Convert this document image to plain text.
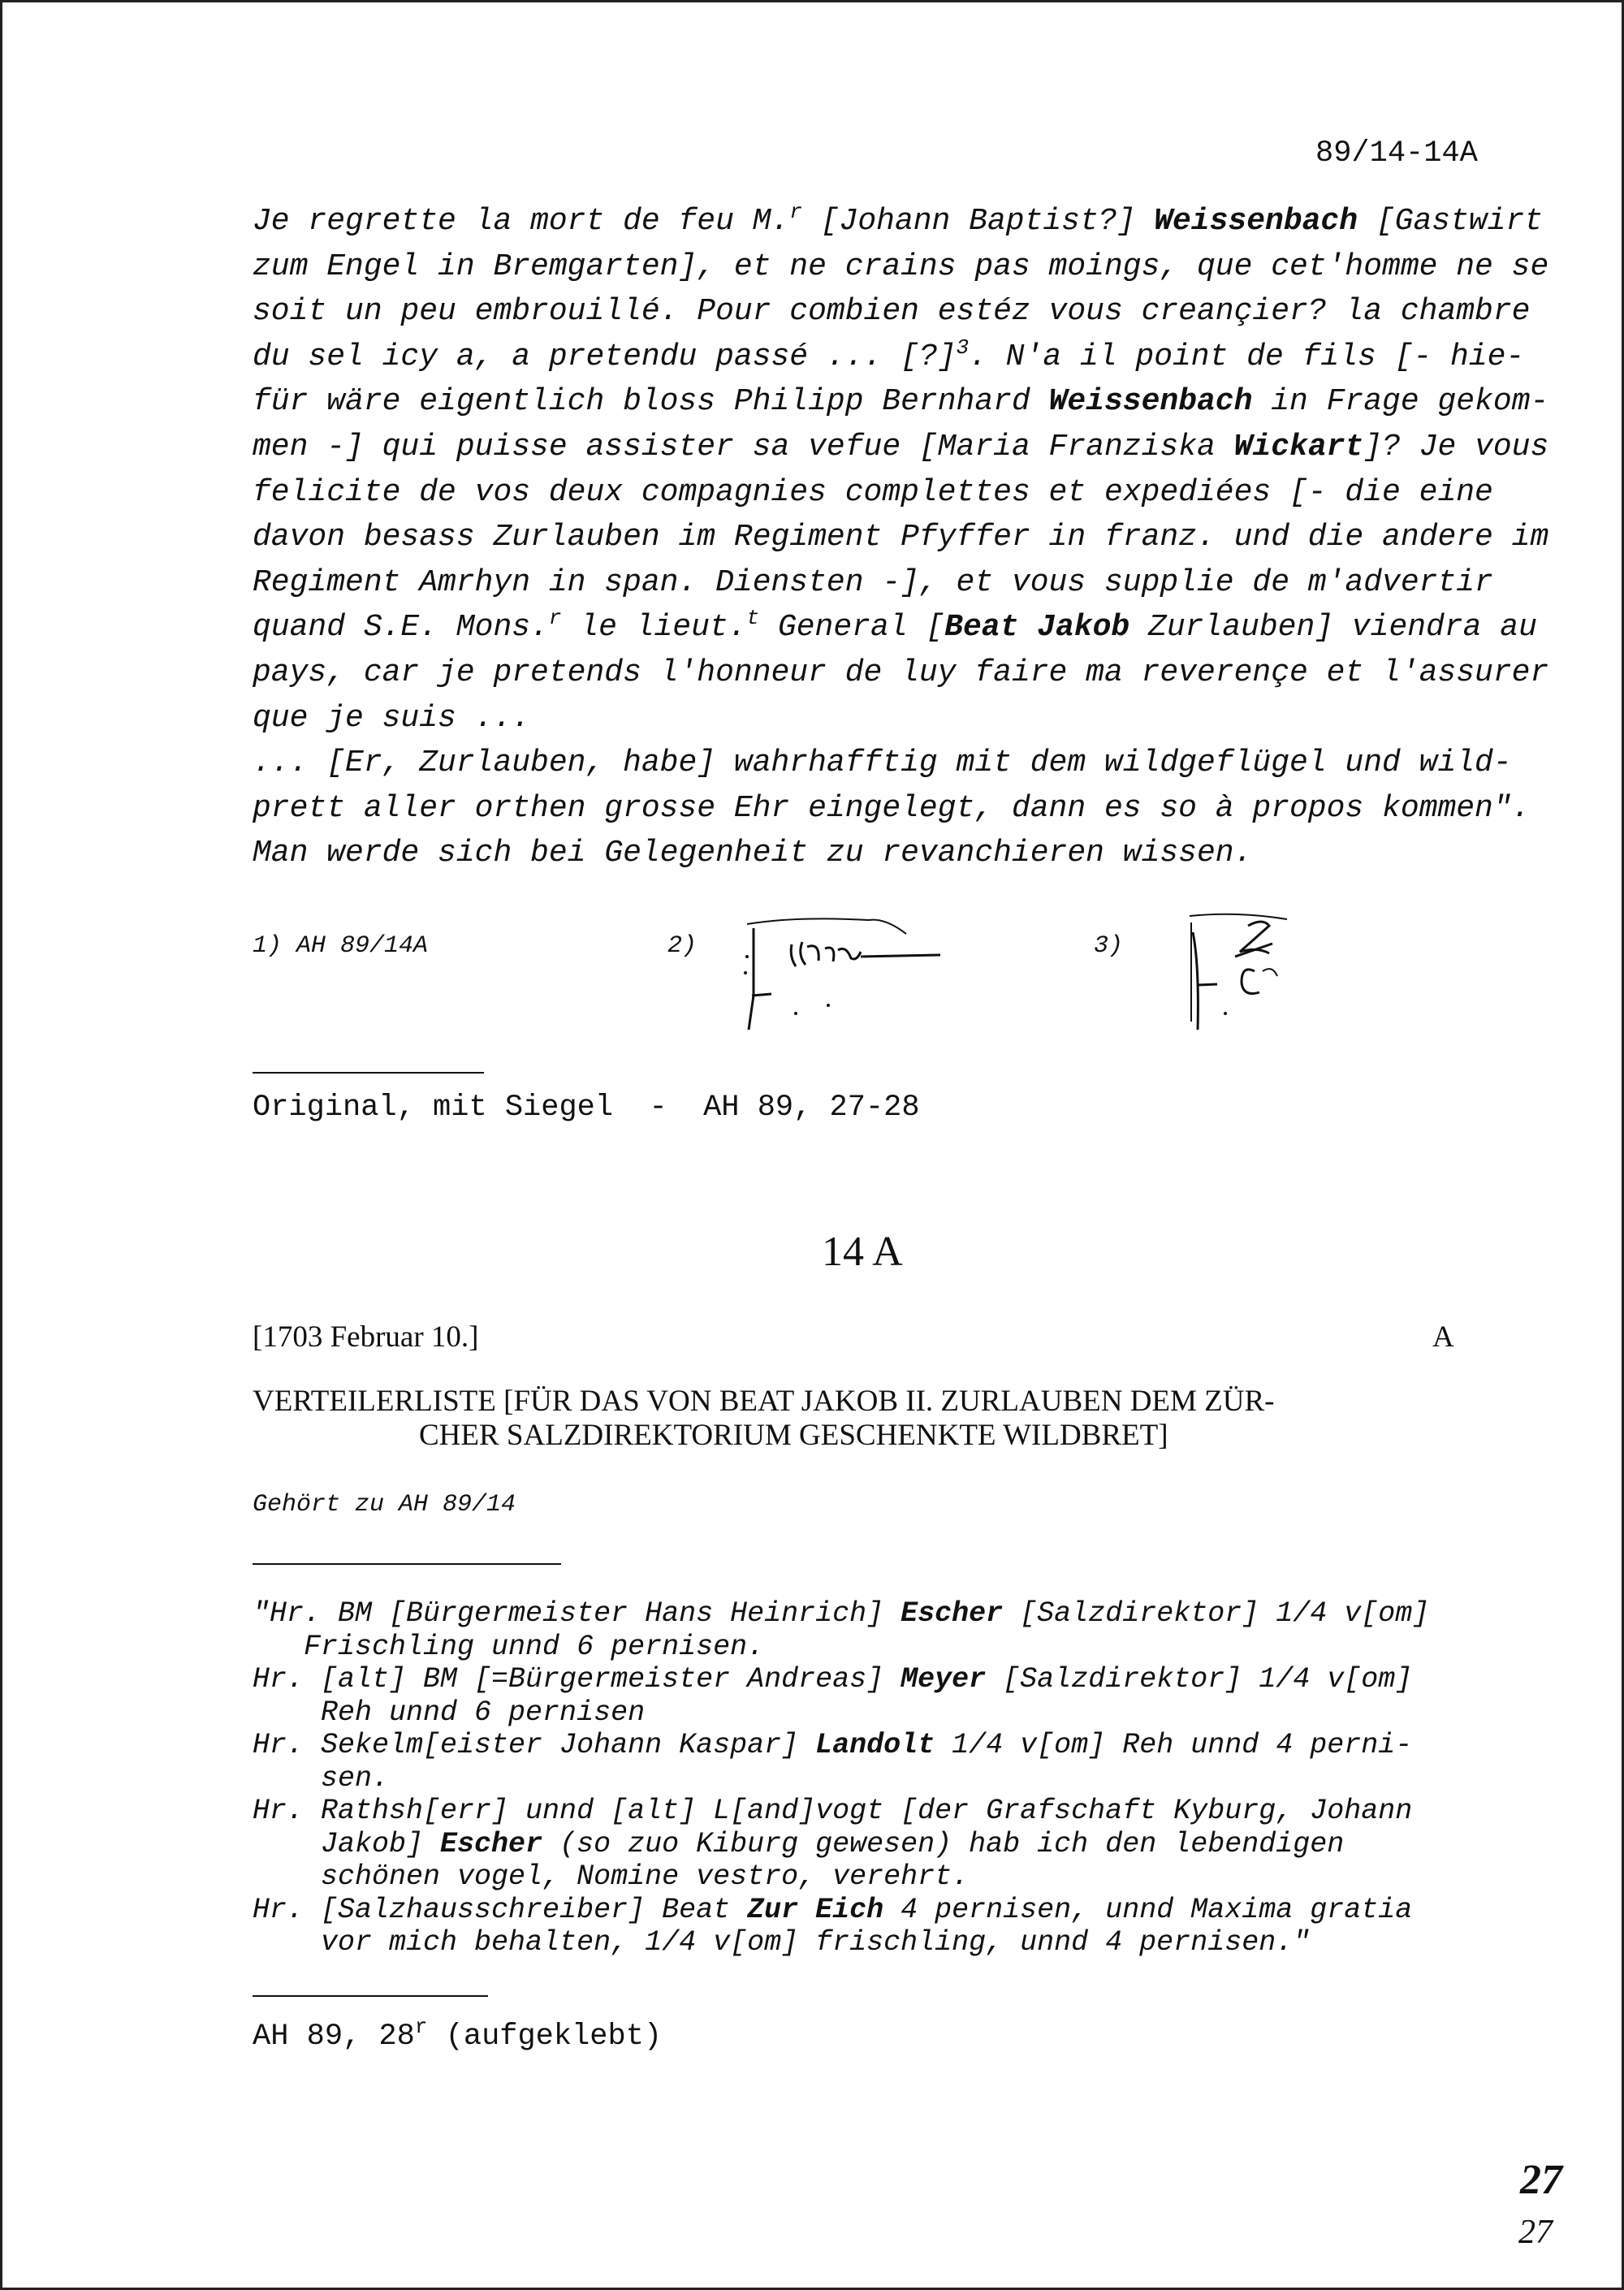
89/14-14A
Je regrette la mort de feu M.$^r$ [Johann Baptist?] Weissenbach [Gastwirt
zum Engel in Bremgarten], et ne crains pas moings, que cet'homme ne se
soit un peu embrouillé. Pour combien estéz vous creançier? la chambre
du sel icy a, a pretendu passé ... [?]$^3$. N'a il point de fils [- hie-
für wäre eigentlich bloss Philipp Bernhard Weissenbach in Frage gekom-
men -] qui puisse assister sa vefue [Maria Franziska Wickart]? Je vous
felicite de vos deux compagnies complettes et expediées [- die eine
davon besass Zurlauben im Regiment Pfyffer in franz. und die andere im
Regiment Amrhyn in span. Diensten -], et vous supplie de m'advertir
quand S.E. Mons.$^r$ le lieut.$^t$ General [Beat Jakob Zurlauben] viendra au
pays, car je pretends l'honneur de luy faire ma reverençe et l'assurer
que je suis ...
... [Er, Zurlauben, habe] wahrhafftig mit dem wildgeflügel und wild-
prett aller orthen grosse Ehr eingelegt, dann es so à propos kommen".
Man werde sich bei Gelegenheit zu revanchieren wissen.
1) AH 89/14A	2)	3)
Original, mit Siegel  -  AH 89, 27-28
14 A
[1703 Februar 10.]	A
VERTEILERLISTE [FÜR DAS VON BEAT JAKOB II. ZURLAUBEN DEM ZÜR-
CHER SALZDIREKTORIUM GESCHENKTE WILDBRET]
Gehört zu AH 89/14
"Hr. BM [Bürgermeister Hans Heinrich] Escher [Salzdirektor] 1/4 v[om]
Frischling unnd 6 pernisen.
Hr. [alt] BM [=Bürgermeister Andreas] Meyer [Salzdirektor] 1/4 v[om]
Reh unnd 6 pernisen
Hr. Sekelm[eister Johann Kaspar] Landolt 1/4 v[om] Reh unnd 4 perni-
sen.
Hr. Rathsh[err] unnd [alt] L[and]vogt [der Grafschaft Kyburg, Johann
Jakob] Escher (so zuo Kiburg gewesen) hab ich den lebendigen
schönen vogel, Nomine vestro, verehrt.
Hr. [Salzhausschreiber] Beat Zur Eich 4 pernisen, unnd Maxima gratia
vor mich behalten, 1/4 v[om] frischling, unnd 4 pernisen."
AH 89, 28$^r$ (aufgeklebt)
27
27
